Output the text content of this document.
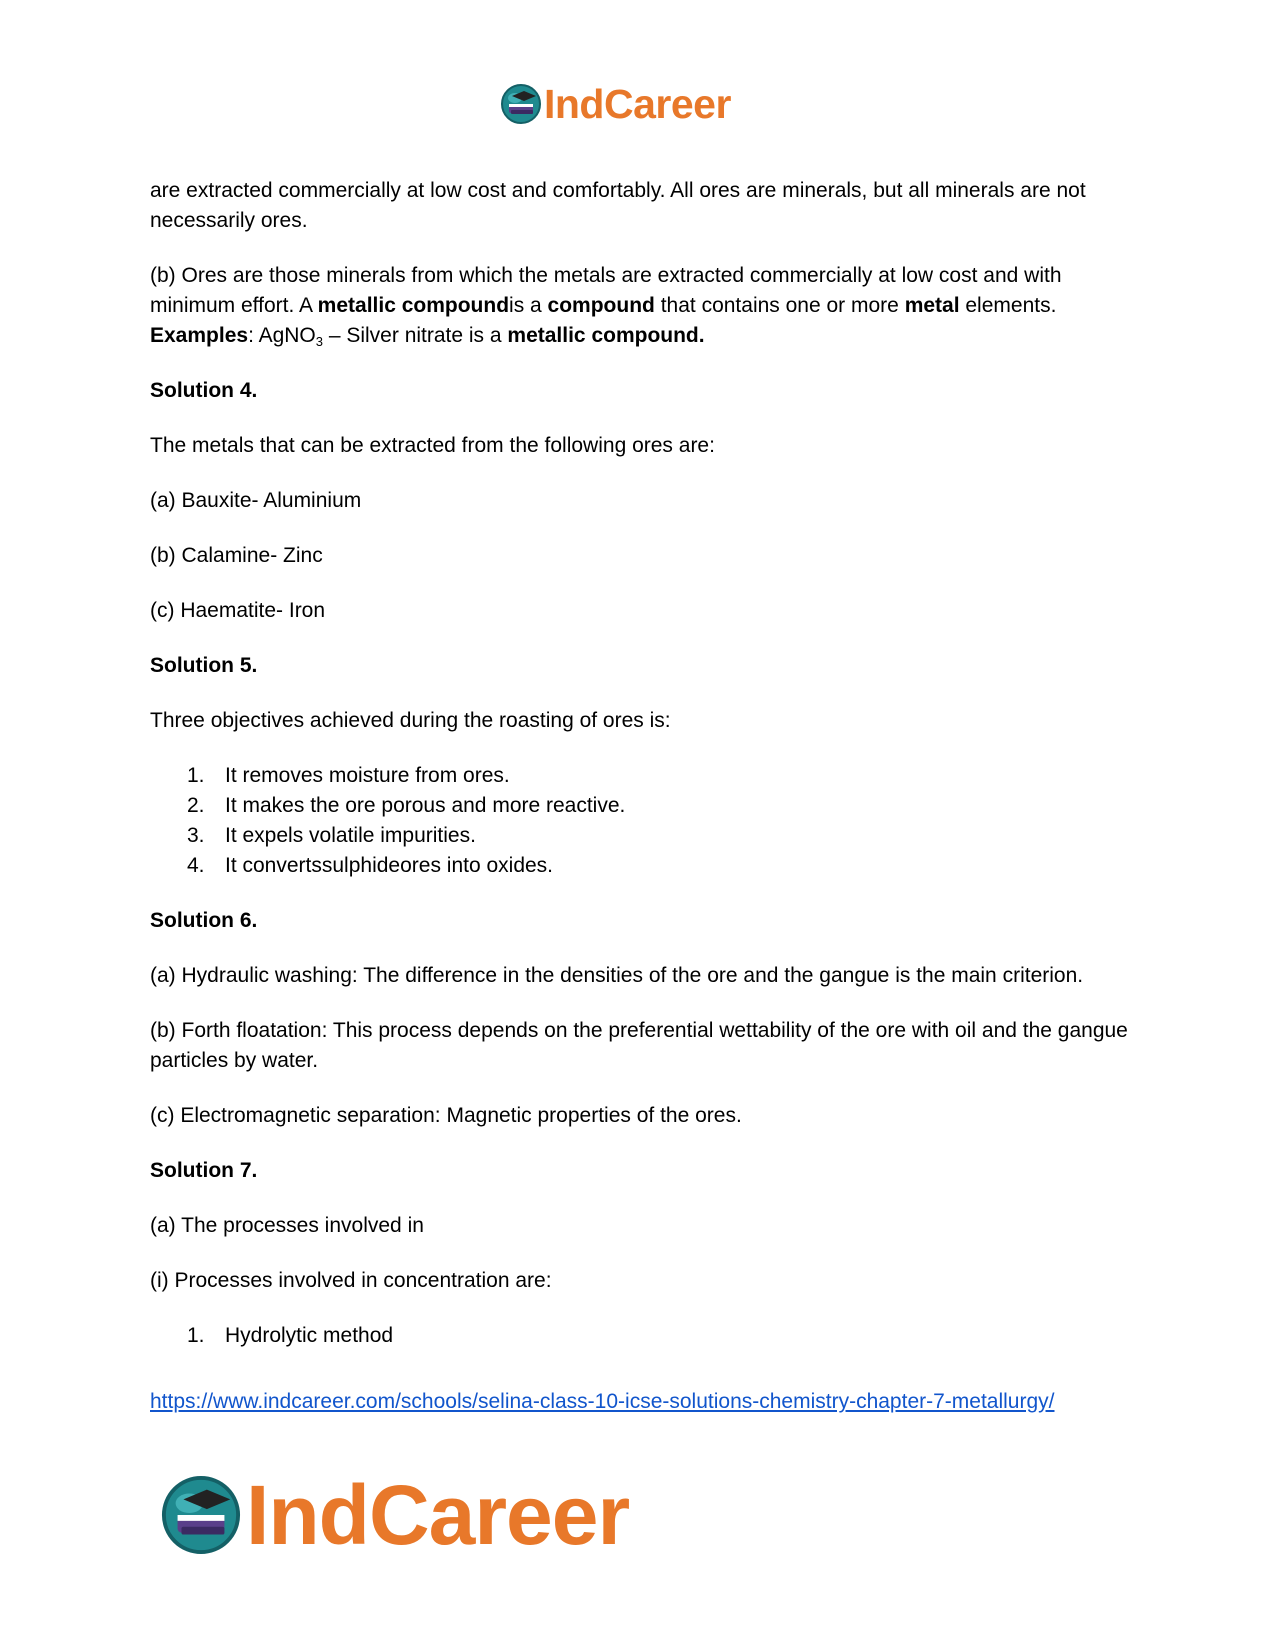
IndCareer

are extracted commercially at low cost and comfortably. All ores are minerals, but all minerals are not necessarily ores.

(b) Ores are those minerals from which the metals are extracted commercially at low cost and with minimum effort. A metallic compoundis a compound that contains one or more metal elements. Examples: AgNO$_3$ – Silver nitrate is a metallic compound.

Solution 4.

The metals that can be extracted from the following ores are:

(a) Bauxite- Aluminium

(b) Calamine- Zinc

(c) Haematite- Iron

Solution 5.

Three objectives achieved during the roasting of ores is:

1. It removes moisture from ores.
2. It makes the ore porous and more reactive.
3. It expels volatile impurities.
4. It convertssulphideores into oxides.

Solution 6.

(a) Hydraulic washing: The difference in the densities of the ore and the gangue is the main criterion.

(b) Forth floatation: This process depends on the preferential wettability of the ore with oil and the gangue particles by water.

(c) Electromagnetic separation: Magnetic properties of the ores.

Solution 7.

(a) The processes involved in

(i) Processes involved in concentration are:

1. Hydrolytic method
https://www.indcareer.com/schools/selina-class-10-icse-solutions-chemistry-chapter-7-metallurgy/
IndCareer
